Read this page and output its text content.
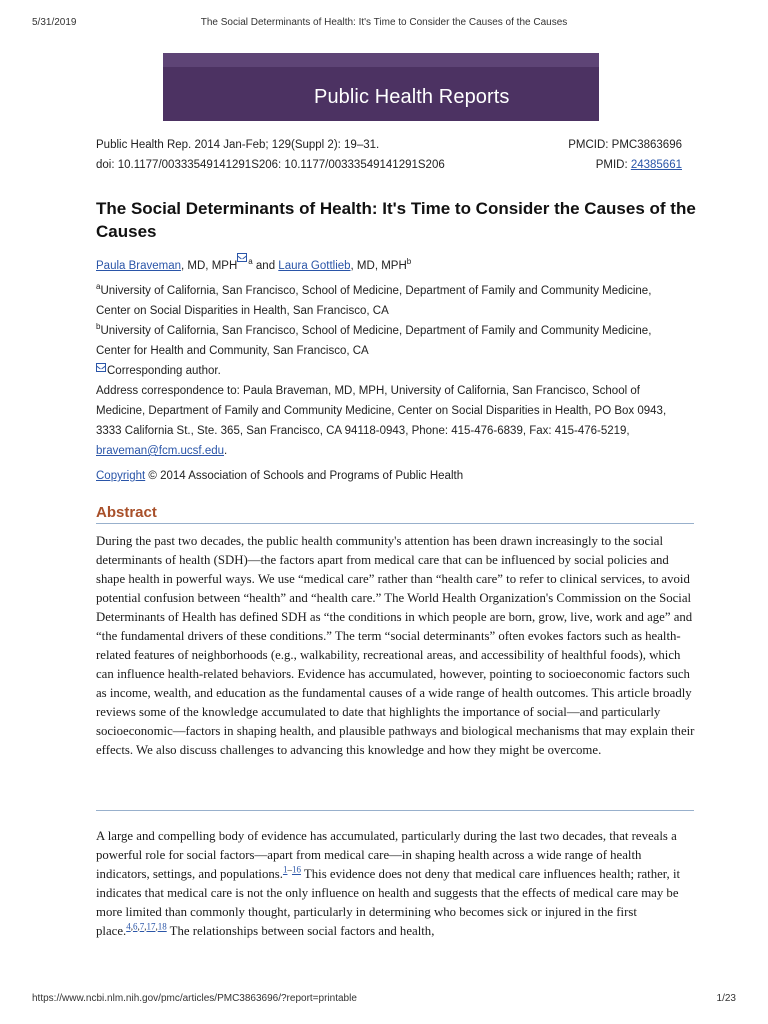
5/31/2019	The Social Determinants of Health: It's Time to Consider the Causes of the Causes
Public Health Reports
Public Health Rep. 2014 Jan-Feb; 129(Suppl 2): 19–31.	PMCID: PMC3863696
doi: 10.1177/00333549141291S206: 10.1177/00333549141291S206	PMID: 24385661
The Social Determinants of Health: It's Time to Consider the Causes of the Causes
Paula Braveman, MD, MPH $^a$ and Laura Gottlieb, MD, MPH$^b$
$^a$University of California, San Francisco, School of Medicine, Department of Family and Community Medicine,
Center on Social Disparities in Health, San Francisco, CA
$^b$University of California, San Francisco, School of Medicine, Department of Family and Community Medicine,
Center for Health and Community, San Francisco, CA
Corresponding author.
Address correspondence to: Paula Braveman, MD, MPH, University of California, San Francisco, School of
Medicine, Department of Family and Community Medicine, Center on Social Disparities in Health, PO Box 0943,
3333 California St., Ste. 365, San Francisco, CA 94118-0943, Phone: 415-476-6839, Fax: 415-476-5219,
braveman@fcm.ucsf.edu.
Copyright © 2014 Association of Schools and Programs of Public Health
Abstract
During the past two decades, the public health community's attention has been drawn increasingly to the social determinants of health (SDH)—the factors apart from medical care that can be influenced by social policies and shape health in powerful ways. We use “medical care” rather than “health care” to refer to clinical services, to avoid potential confusion between “health” and “health care.” The World Health Organization's Commission on the Social Determinants of Health has defined SDH as “the conditions in which people are born, grow, live, work and age” and “the fundamental drivers of these conditions.” The term “social determinants” often evokes factors such as health-related features of neighborhoods (e.g., walkability, recreational areas, and accessibility of healthful foods), which can influence health-related behaviors. Evidence has accumulated, however, pointing to socioeconomic factors such as income, wealth, and education as the fundamental causes of a wide range of health outcomes. This article broadly reviews some of the knowledge accumulated to date that highlights the importance of social—and particularly socioeconomic—factors in shaping health, and plausible pathways and biological mechanisms that may explain their effects. We also discuss challenges to advancing this knowledge and how they might be overcome.
A large and compelling body of evidence has accumulated, particularly during the last two decades, that reveals a powerful role for social factors—apart from medical care—in shaping health across a wide range of health indicators, settings, and populations.$^{1-16}$ This evidence does not deny that medical care influences health; rather, it indicates that medical care is not the only influence on health and suggests that the effects of medical care may be more limited than commonly thought, particularly in determining who becomes sick or injured in the first place.$^{4,6,7,17,18}$ The relationships between social factors and health,
https://www.ncbi.nlm.nih.gov/pmc/articles/PMC3863696/?report=printable	1/23
